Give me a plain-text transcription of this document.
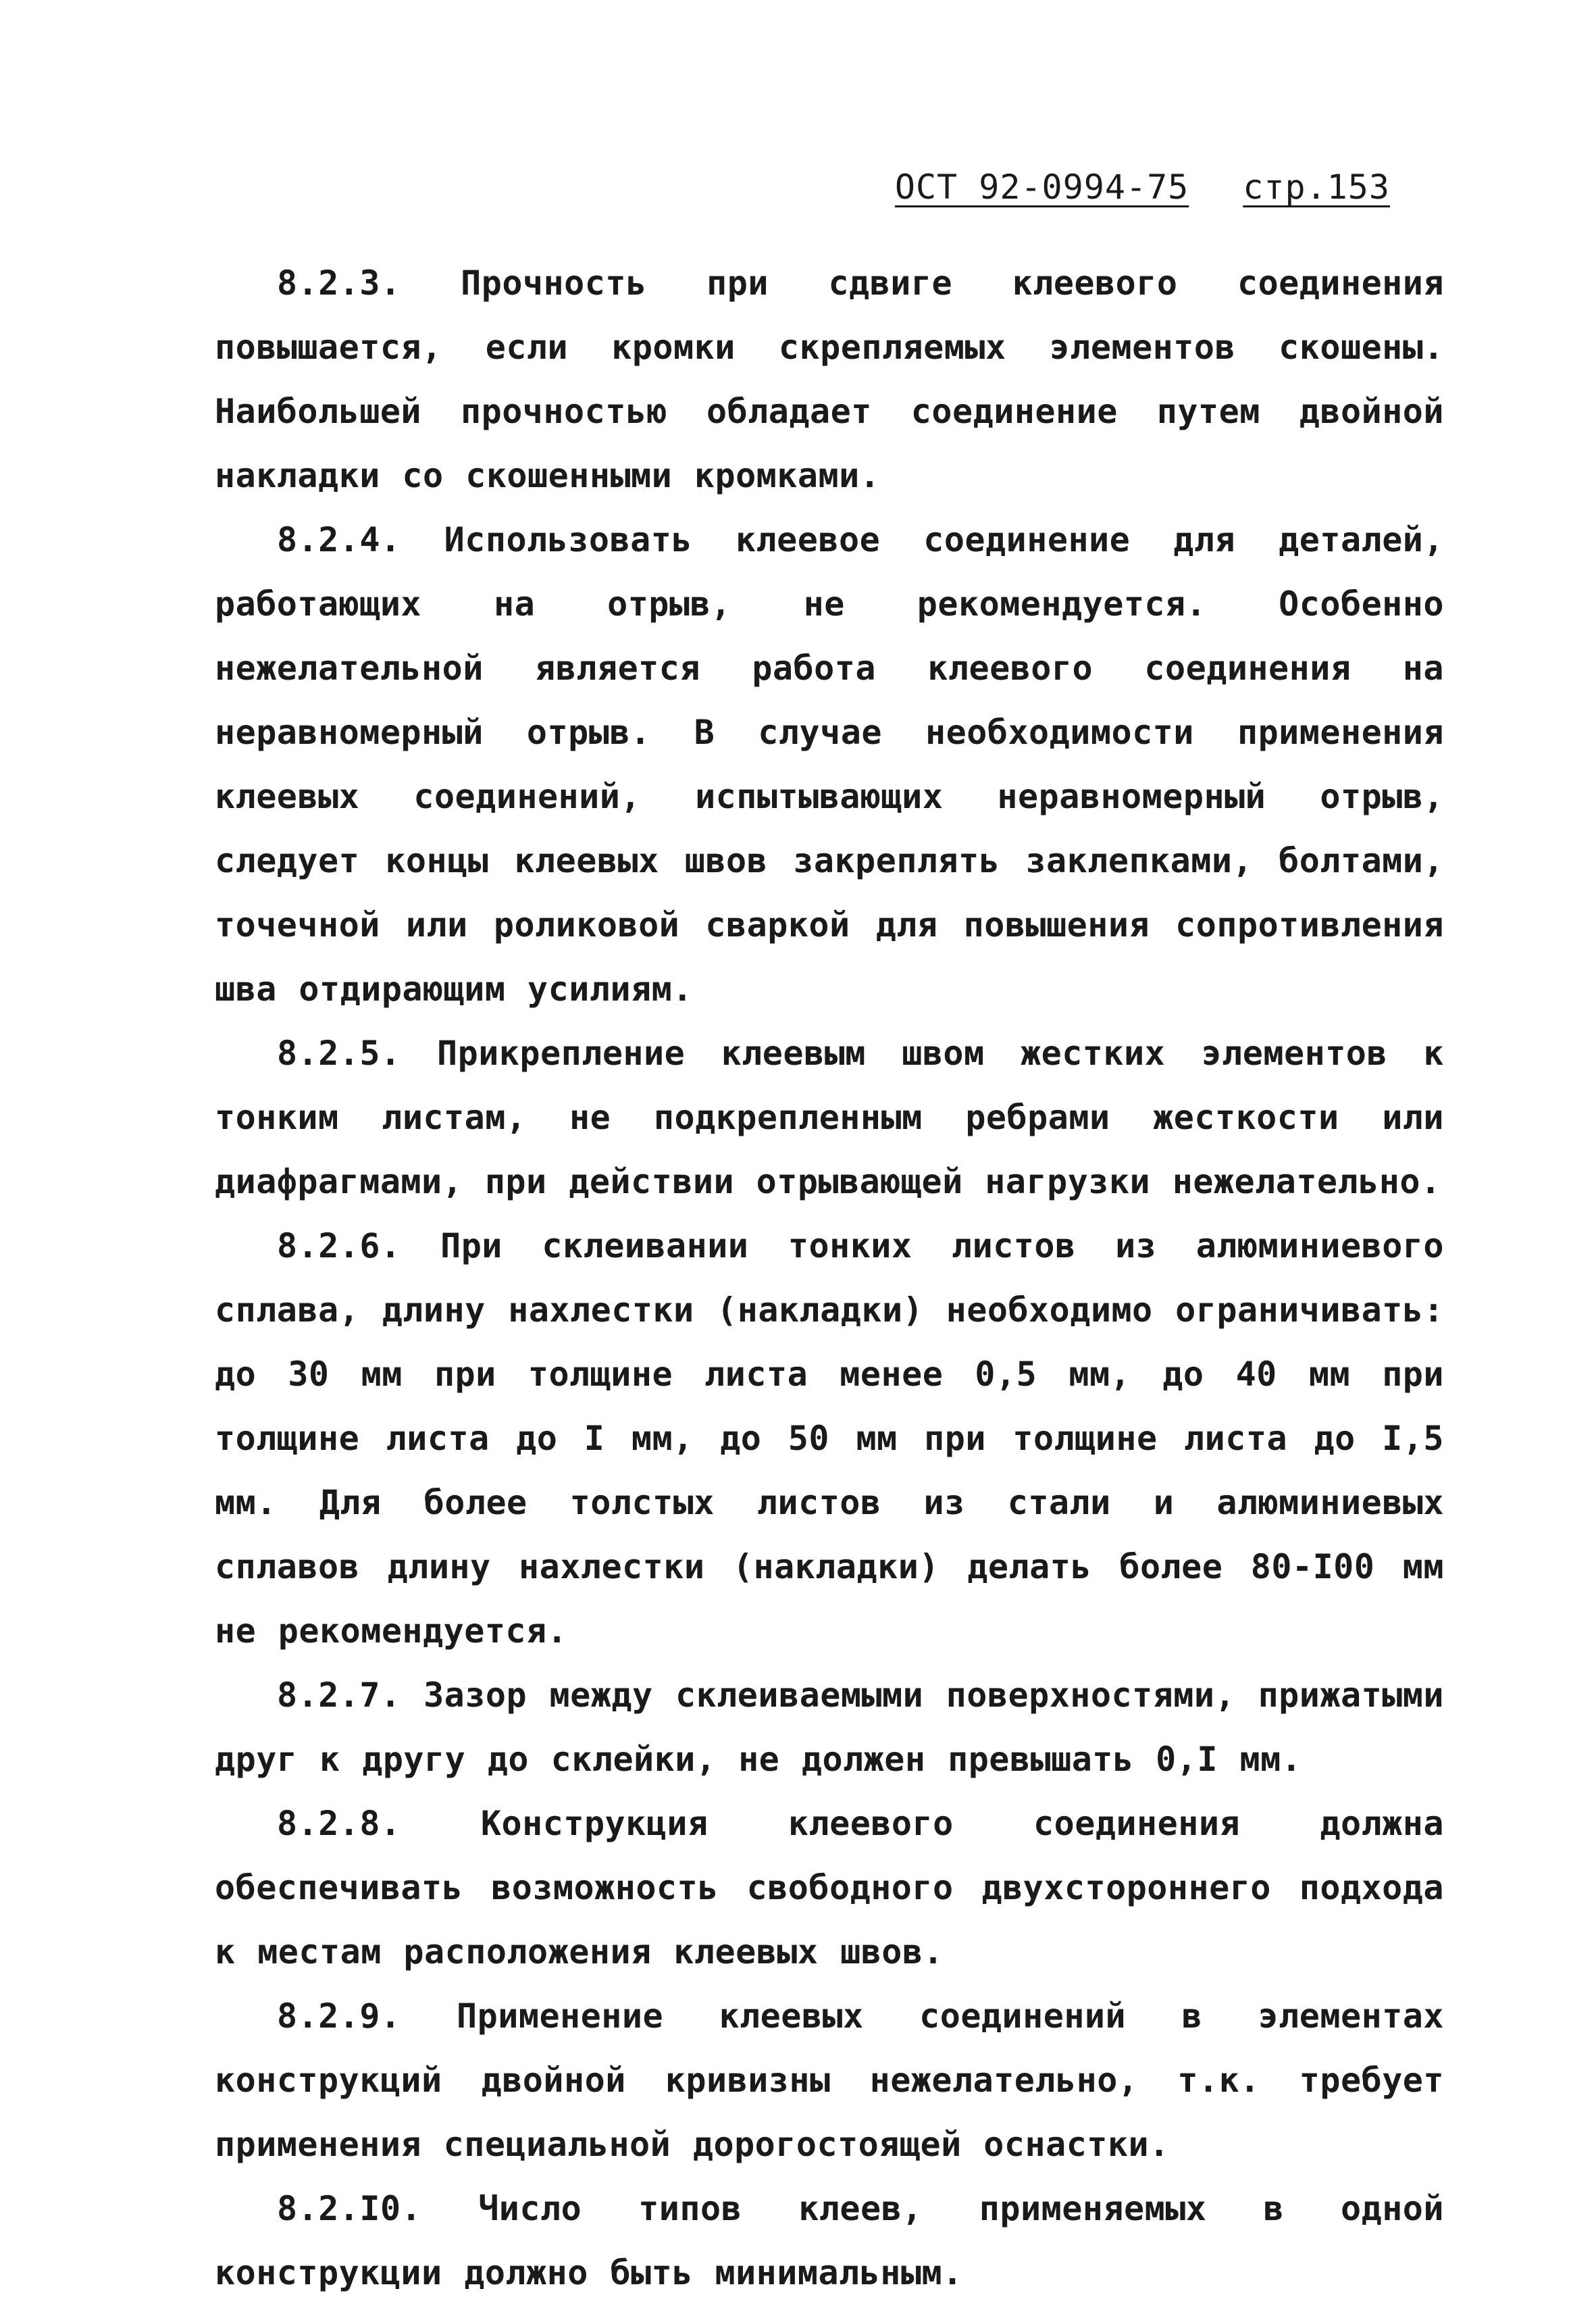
ОСТ 92-0994-75 стр.153

8.2.3. Прочность при сдвиге клеевого соединения повышается, если кромки скрепляемых элементов скошены. Наибольшей прочностью обладает соединение путем двойной накладки со скошенными кромками.

8.2.4. Использовать клеевое соединение для деталей, работающих на отрыв, не рекомендуется. Особенно нежелательной является работа клеевого соединения на неравномерный отрыв. В случае необходимости применения клеевых соединений, испытывающих неравномерный отрыв, следует концы клеевых швов закреплять заклепками, болтами, точечной или роликовой сваркой для повышения сопротивления шва отдирающим усилиям.

8.2.5. Прикрепление клеевым швом жестких элементов к тонким листам, не подкрепленным ребрами жесткости или диафрагмами, при действии отрывающей нагрузки нежелательно.

8.2.6. При склеивании тонких листов из алюминиевого сплава, длину нахлестки (накладки) необходимо ограничивать: до 30 мм при толщине листа менее 0,5 мм, до 40 мм при толщине листа до I мм, до 50 мм при толщине листа до I,5 мм. Для более толстых листов из стали и алюминиевых сплавов длину нахлестки (накладки) делать более 80-I00 мм не рекомендуется.

8.2.7. Зазор между склеиваемыми поверхностями, прижатыми друг к другу до склейки, не должен превышать 0,I мм.

8.2.8. Конструкция клеевого соединения должна обеспечивать возможность свободного двухстороннего подхода к местам расположения клеевых швов.

8.2.9. Применение клеевых соединений в элементах конструкций двойной кривизны нежелательно, т.к. требует применения специальной дорогостоящей оснастки.

8.2.I0. Число типов клеев, применяемых в одной конструкции должно быть минимальным.
